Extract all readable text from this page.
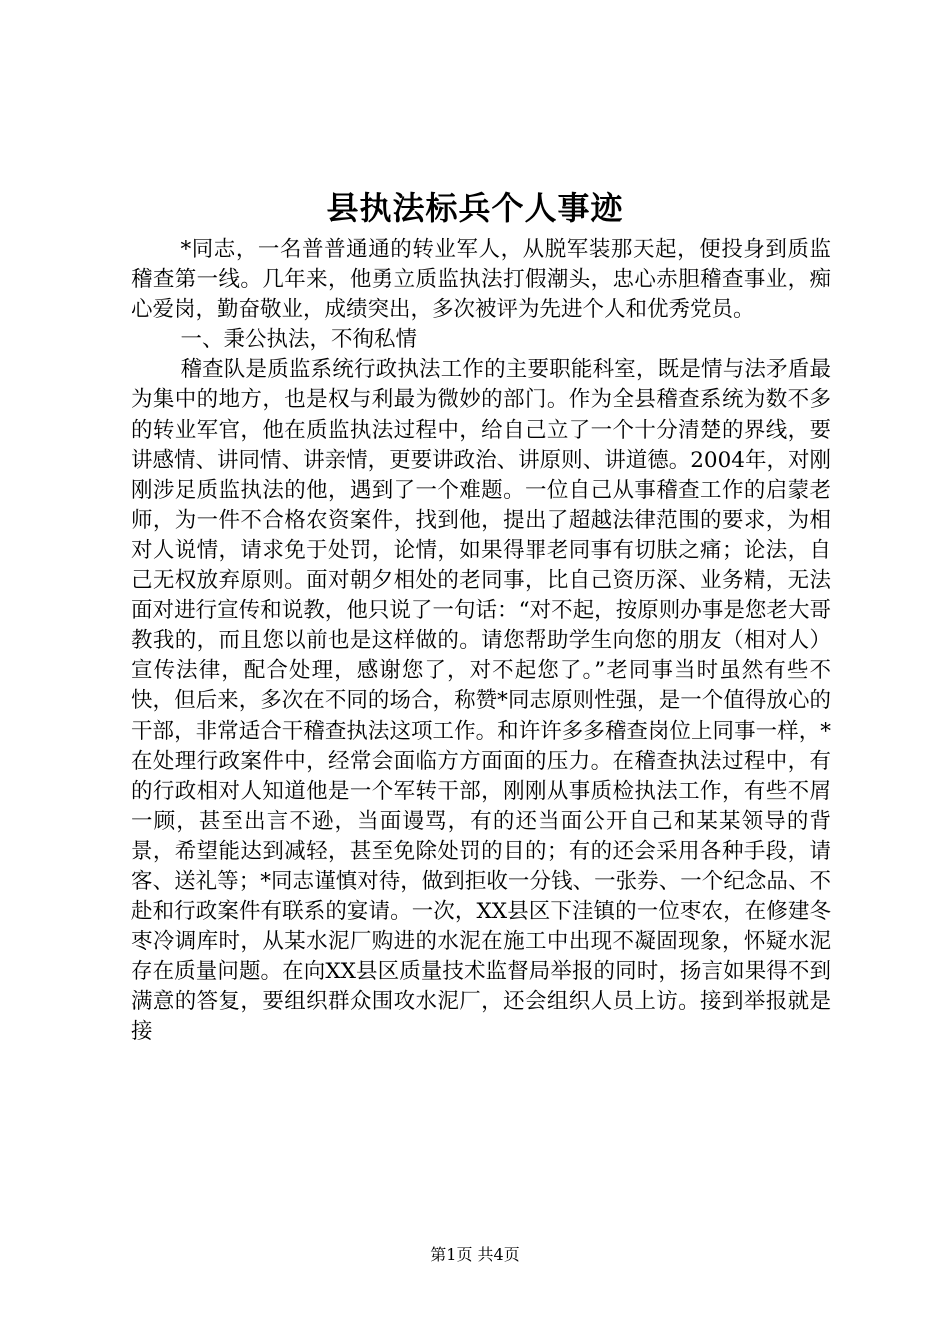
县执法标兵个人事迹

*同志，一名普普通通的转业军人，从脱军装那天起，便投身到质监稽查第一线。几年来，他勇立质监执法打假潮头，忠心赤胆稽查事业，痴心爱岗，勤奋敬业，成绩突出，多次被评为先进个人和优秀党员。

一、秉公执法，不徇私情

稽查队是质监系统行政执法工作的主要职能科室，既是情与法矛盾最为集中的地方，也是权与利最为微妙的部门。作为全县稽查系统为数不多的转业军官，他在质监执法过程中，给自己立了一个十分清楚的界线，要讲感情、讲同情、讲亲情，更要讲政治、讲原则、讲道德。2004年，对刚刚涉足质监执法的他，遇到了一个难题。一位自己从事稽查工作的启蒙老师，为一件不合格农资案件，找到他，提出了超越法律范围的要求，为相对人说情，请求免于处罚，论情，如果得罪老同事有切肤之痛；论法，自己无权放弃原则。面对朝夕相处的老同事，比自己资历深、业务精，无法面对进行宣传和说教，他只说了一句话：“对不起，按原则办事是您老大哥教我的，而且您以前也是这样做的。请您帮助学生向您的朋友（相对人）宣传法律，配合处理，感谢您了，对不起您了。”老同事当时虽然有些不快，但后来，多次在不同的场合，称赞*同志原则性强，是一个值得放心的干部，非常适合干稽查执法这项工作。和许许多多稽查岗位上同事一样，*在处理行政案件中，经常会面临方方面面的压力。在稽查执法过程中，有的行政相对人知道他是一个军转干部，刚刚从事质检执法工作，有些不屑一顾，甚至出言不逊，当面谩骂，有的还当面公开自己和某某领导的背景，希望能达到减轻，甚至免除处罚的目的；有的还会采用各种手段，请客、送礼等；*同志谨慎对待，做到拒收一分钱、一张券、一个纪念品、不赴和行政案件有联系的宴请。一次，XX县区下洼镇的一位枣农，在修建冬枣冷调库时，从某水泥厂购进的水泥在施工中出现不凝固现象，怀疑水泥存在质量问题。在向XX县区质量技术监督局举报的同时，扬言如果得不到满意的答复，要组织群众围攻水泥厂，还会组织人员上访。接到举报就是接

第1页 共4页
